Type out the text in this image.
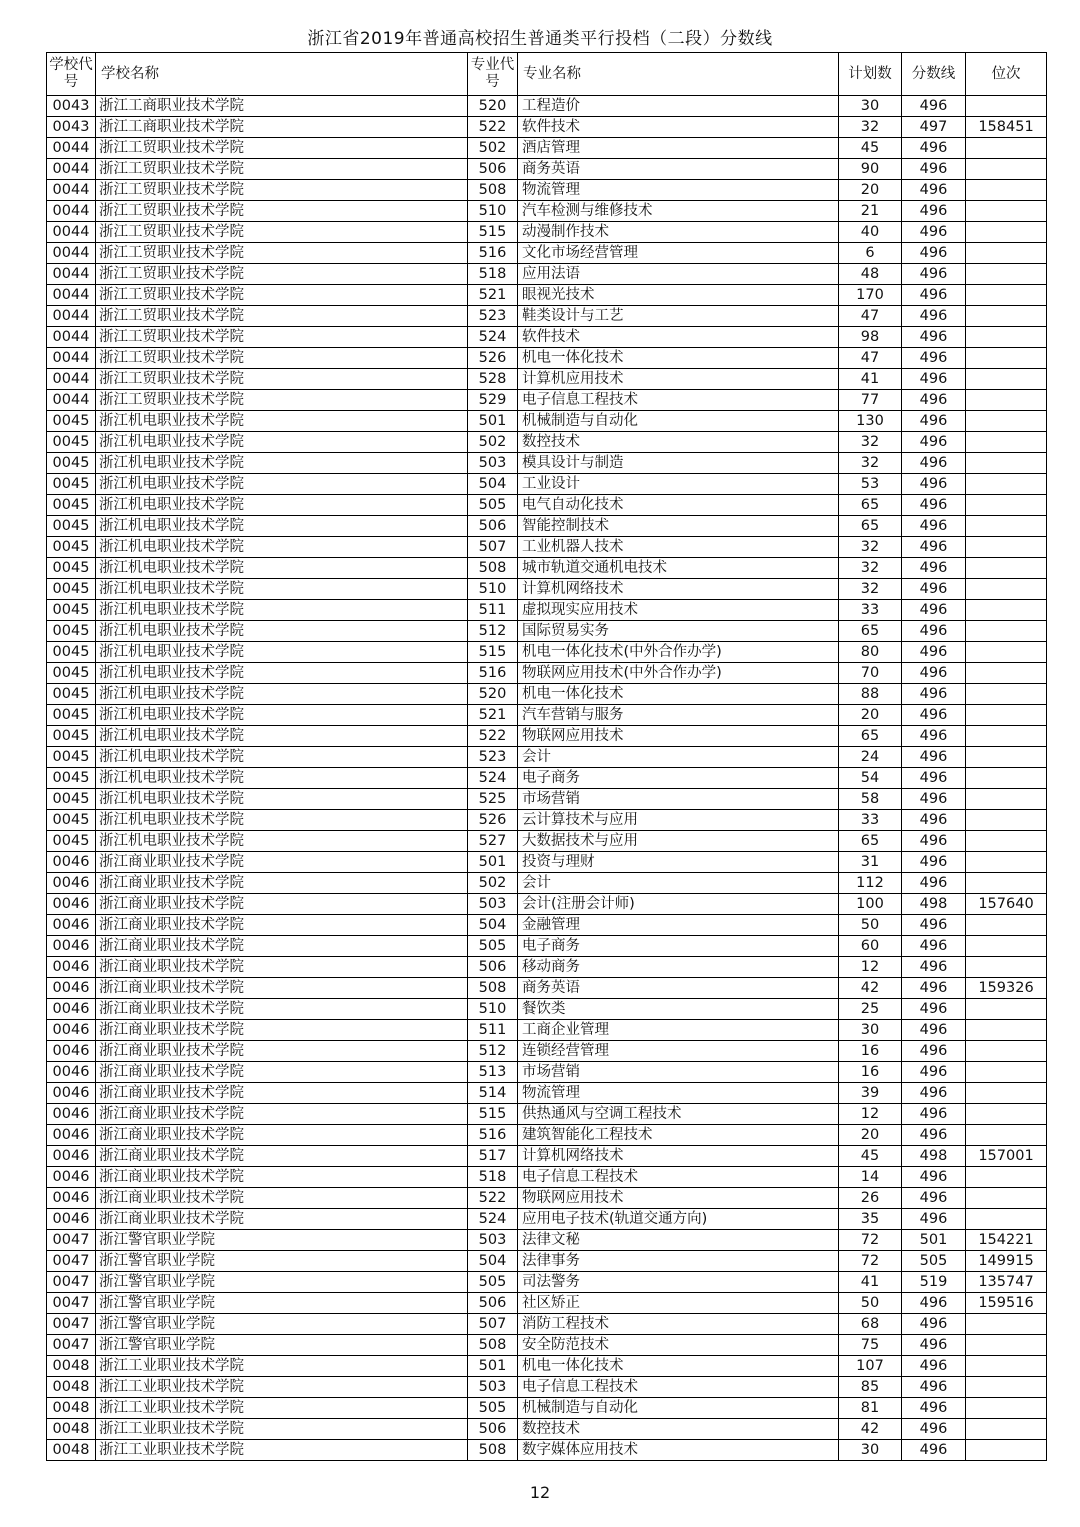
浙江省2019年普通高校招生普通类平行投档（二段）分数线
学校代号	学校名称	专业代号	专业名称	计划数	分数线	位次
0043	浙江工商职业技术学院	520	工程造价	30	496	
0043	浙江工商职业技术学院	522	软件技术	32	497	158451
0044	浙江工贸职业技术学院	502	酒店管理	45	496	
0044	浙江工贸职业技术学院	506	商务英语	90	496	
0044	浙江工贸职业技术学院	508	物流管理	20	496	
0044	浙江工贸职业技术学院	510	汽车检测与维修技术	21	496	
0044	浙江工贸职业技术学院	515	动漫制作技术	40	496	
0044	浙江工贸职业技术学院	516	文化市场经营管理	6	496	
0044	浙江工贸职业技术学院	518	应用法语	48	496	
0044	浙江工贸职业技术学院	521	眼视光技术	170	496	
0044	浙江工贸职业技术学院	523	鞋类设计与工艺	47	496	
0044	浙江工贸职业技术学院	524	软件技术	98	496	
0044	浙江工贸职业技术学院	526	机电一体化技术	47	496	
0044	浙江工贸职业技术学院	528	计算机应用技术	41	496	
0044	浙江工贸职业技术学院	529	电子信息工程技术	77	496	
0045	浙江机电职业技术学院	501	机械制造与自动化	130	496	
0045	浙江机电职业技术学院	502	数控技术	32	496	
0045	浙江机电职业技术学院	503	模具设计与制造	32	496	
0045	浙江机电职业技术学院	504	工业设计	53	496	
0045	浙江机电职业技术学院	505	电气自动化技术	65	496	
0045	浙江机电职业技术学院	506	智能控制技术	65	496	
0045	浙江机电职业技术学院	507	工业机器人技术	32	496	
0045	浙江机电职业技术学院	508	城市轨道交通机电技术	32	496	
0045	浙江机电职业技术学院	510	计算机网络技术	32	496	
0045	浙江机电职业技术学院	511	虚拟现实应用技术	33	496	
0045	浙江机电职业技术学院	512	国际贸易实务	65	496	
0045	浙江机电职业技术学院	515	机电一体化技术(中外合作办学)	80	496	
0045	浙江机电职业技术学院	516	物联网应用技术(中外合作办学)	70	496	
0045	浙江机电职业技术学院	520	机电一体化技术	88	496	
0045	浙江机电职业技术学院	521	汽车营销与服务	20	496	
0045	浙江机电职业技术学院	522	物联网应用技术	65	496	
0045	浙江机电职业技术学院	523	会计	24	496	
0045	浙江机电职业技术学院	524	电子商务	54	496	
0045	浙江机电职业技术学院	525	市场营销	58	496	
0045	浙江机电职业技术学院	526	云计算技术与应用	33	496	
0045	浙江机电职业技术学院	527	大数据技术与应用	65	496	
0046	浙江商业职业技术学院	501	投资与理财	31	496	
0046	浙江商业职业技术学院	502	会计	112	496	
0046	浙江商业职业技术学院	503	会计(注册会计师)	100	498	157640
0046	浙江商业职业技术学院	504	金融管理	50	496	
0046	浙江商业职业技术学院	505	电子商务	60	496	
0046	浙江商业职业技术学院	506	移动商务	12	496	
0046	浙江商业职业技术学院	508	商务英语	42	496	159326
0046	浙江商业职业技术学院	510	餐饮类	25	496	
0046	浙江商业职业技术学院	511	工商企业管理	30	496	
0046	浙江商业职业技术学院	512	连锁经营管理	16	496	
0046	浙江商业职业技术学院	513	市场营销	16	496	
0046	浙江商业职业技术学院	514	物流管理	39	496	
0046	浙江商业职业技术学院	515	供热通风与空调工程技术	12	496	
0046	浙江商业职业技术学院	516	建筑智能化工程技术	20	496	
0046	浙江商业职业技术学院	517	计算机网络技术	45	498	157001
0046	浙江商业职业技术学院	518	电子信息工程技术	14	496	
0046	浙江商业职业技术学院	522	物联网应用技术	26	496	
0046	浙江商业职业技术学院	524	应用电子技术(轨道交通方向)	35	496	
0047	浙江警官职业学院	503	法律文秘	72	501	154221
0047	浙江警官职业学院	504	法律事务	72	505	149915
0047	浙江警官职业学院	505	司法警务	41	519	135747
0047	浙江警官职业学院	506	社区矫正	50	496	159516
0047	浙江警官职业学院	507	消防工程技术	68	496	
0047	浙江警官职业学院	508	安全防范技术	75	496	
0048	浙江工业职业技术学院	501	机电一体化技术	107	496	
0048	浙江工业职业技术学院	503	电子信息工程技术	85	496	
0048	浙江工业职业技术学院	505	机械制造与自动化	81	496	
0048	浙江工业职业技术学院	506	数控技术	42	496	
0048	浙江工业职业技术学院	508	数字媒体应用技术	30	496	
12
